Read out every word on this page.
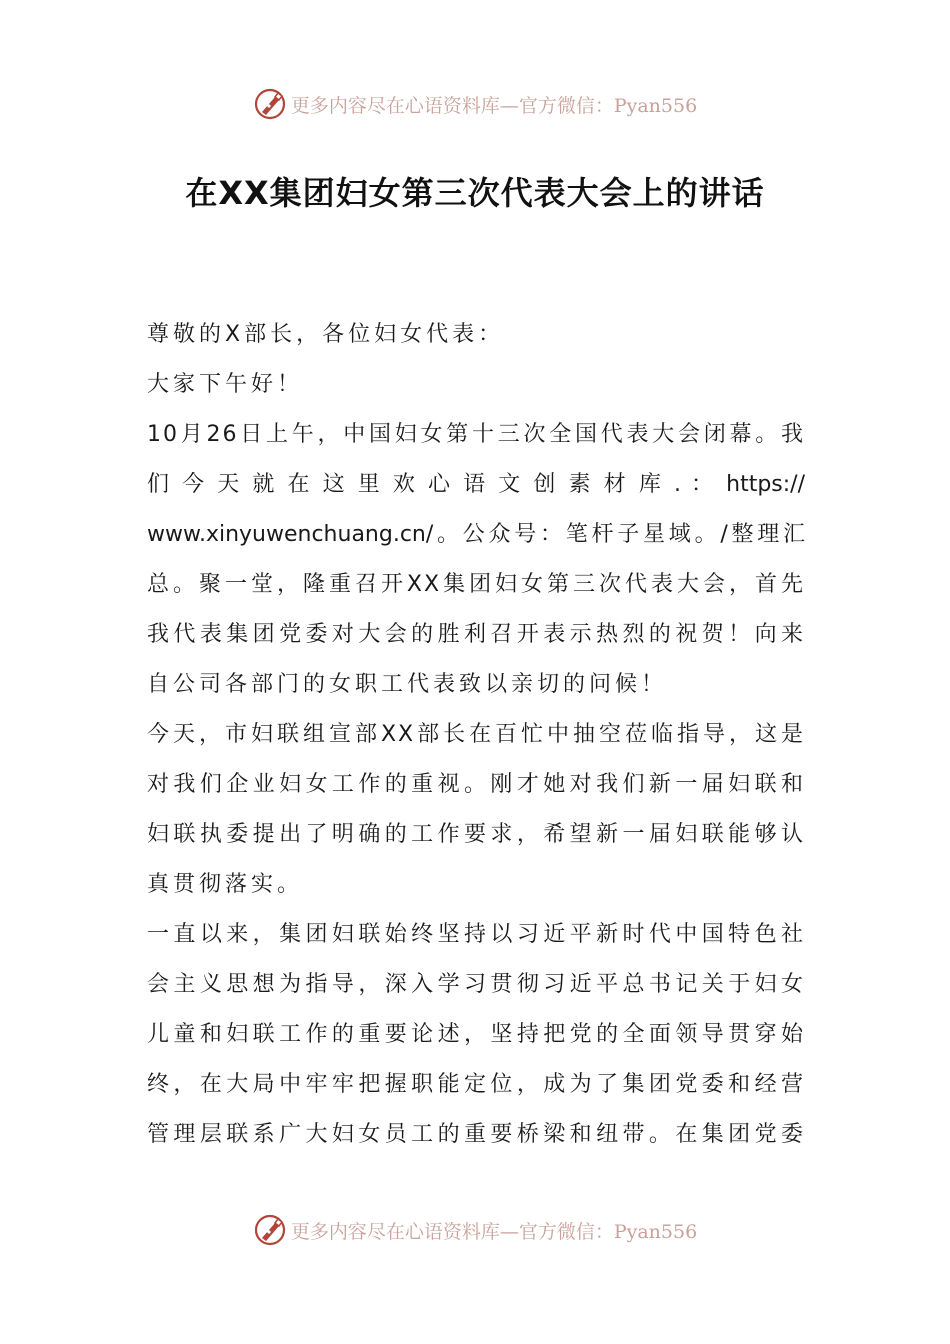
更多内容尽在心语资料库—官方微信：Pyan556
在XX集团妇女第三次代表大会上的讲话
尊敬的X部长，各位妇女代表：
大家下午好！
10月26日上午，中国妇女第十三次全国代表大会闭幕。我
们 今 天 就 在 这 里 欢 心 语 文 创 素 材 库 . ： https://
www.xinyuwenchuang.cn/。公众号：笔杆子星域。/整理汇
总。聚一堂，隆重召开XX集团妇女第三次代表大会，首先
我代表集团党委对大会的胜利召开表示热烈的祝贺！向来
自公司各部门的女职工代表致以亲切的问候！
今天，市妇联组宣部XX部长在百忙中抽空莅临指导，这是
对我们企业妇女工作的重视。刚才她对我们新一届妇联和
妇联执委提出了明确的工作要求，希望新一届妇联能够认
真贯彻落实。
一直以来，集团妇联始终坚持以习近平新时代中国特色社
会主义思想为指导，深入学习贯彻习近平总书记关于妇女
儿童和妇联工作的重要论述，坚持把党的全面领导贯穿始
终，在大局中牢牢把握职能定位，成为了集团党委和经营
管理层联系广大妇女员工的重要桥梁和纽带。在集团党委
更多内容尽在心语资料库—官方微信：Pyan556
